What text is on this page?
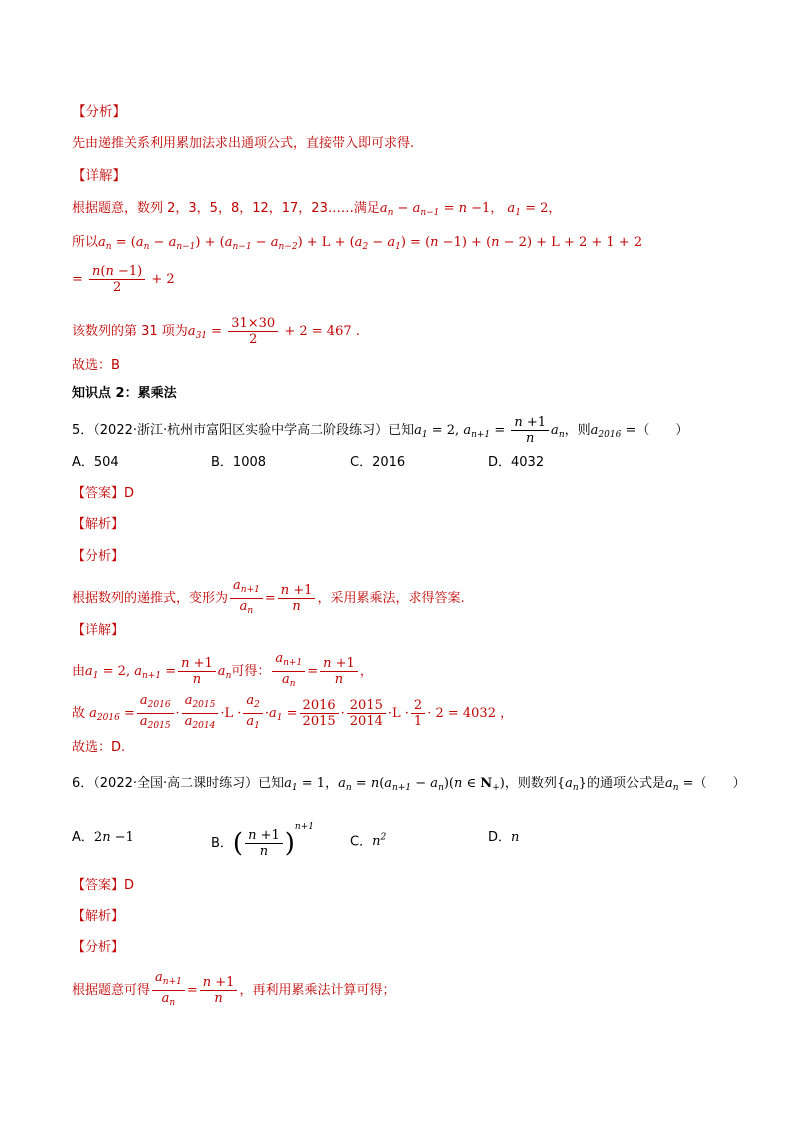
【分析】
先由递推关系利用累加法求出通项公式，直接带入即可求得.
【详解】
根据题意，数列 2，3，5，8，12，17，23……满足$a_n - a_{n-1} = n -1$， $a_1 = 2$，
所以$a_n = (a_n - a_{n-1}) + (a_{n-1} - a_{n-2}) + L + (a_2 - a_1) = (n -1) + (n - 2) + L + 2 + 1 + 2$
= $\frac{n(n -1)}{2} + 2$
该数列的第 31 项为$a_{31} = \frac{31\times 30}{2} + 2 = 467$ .
故选：B
知识点 2：累乘法
5．（2022·浙江·杭州市富阳区实验中学高二阶段练习）已知$a_1 = 2$, $a_{n+1} = \frac{n +1}{n} a_n$，则$a_{2016}$ =（　　）
A．504	B．1008	C．2016	D．4032
【答案】D
【解析】
【分析】
根据数列的递推式，变形为 $\frac{a_{n+1}}{a_n} = \frac{n +1}{n}$ ，采用累乘法，求得答案.
【详解】
由$a_1 = 2$, $a_{n+1} = \frac{n +1}{n} a_n$可得： $\frac{a_{n+1}}{a_n} = \frac{n +1}{n}$ ，
故 $a_{2016} = \frac{a_{2016}}{a_{2015}} \cdot \frac{a_{2015}}{a_{2014}} \cdot L \cdot \frac{a_2}{a_1} \cdot a_1 = \frac{2016}{2015} \cdot \frac{2015}{2014} \cdot L \cdot \frac{2}{1} \cdot 2 = 4032$ ，
故选：D.
6．（2022·全国·高二课时练习）已知$a_1 = 1$，$a_n = n(a_{n+1} - a_n)(n$ ∈ $N_+$)，则数列$\{a_n\}$的通项公式是$a_n$ =（　　）
A．2n −1	B．( $\frac{n +1}{n} )^{n+1}$
C．$n^2$	D．n
【答案】D
【解析】
【分析】
根据题意可得 $\frac{a_{n+1}}{a_n} = \frac{n +1}{n}$ ，再利用累乘法计算可得；
